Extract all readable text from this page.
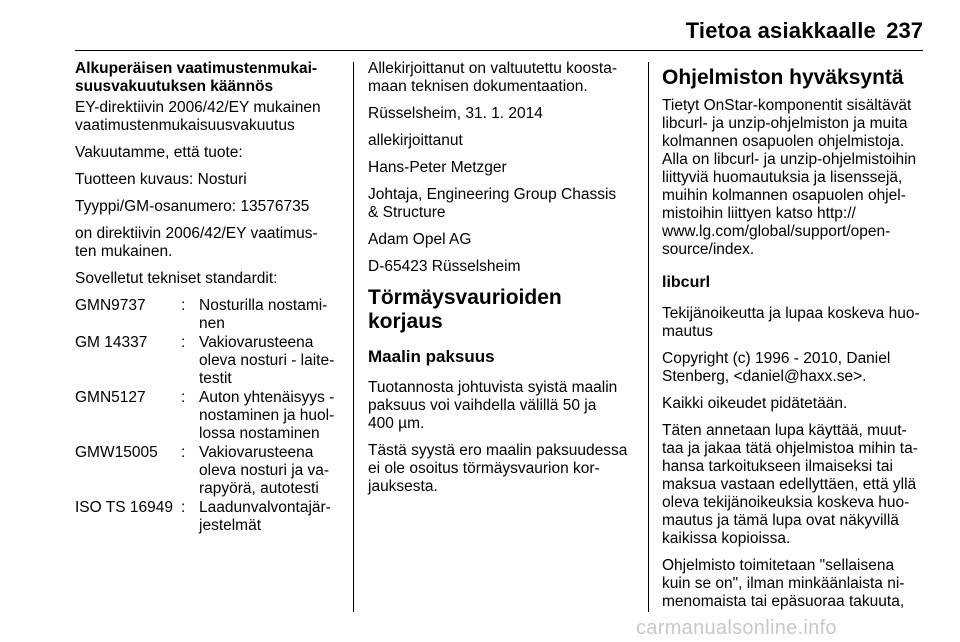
Tietoa asiakkaalle 237

Alkuperäisen vaatimustenmukai-
suusvakuutuksen käännös

EY-direktiivin 2006/42/EY mukainen vaatimustenmukaisuusvakuutus

Vakuutamme, että tuote:

Tuotteen kuvaus: Nosturi

Tyyppi/GM-osanumero: 13576735

on direktiivin 2006/42/EY vaatimus-
ten mukainen.

Sovelletut tekniset standardit:

GMN9737	: Nosturilla nostami-
nen
GM 14337	: Vakiovarusteena
oleva nosturi - laite-
testit
GMN5127	: Auton yhtenäisyys -
nostaminen ja huol-
lossa nostaminen
GMW15005	: Vakiovarusteena
oleva nosturi ja va-
rapyörä, autotesti
ISO TS 16949 : Laadunvalvontajär-
jestelmät

Allekirjoittanut on valtuutettu koosta-
maan teknisen dokumentaation.

Rüsselsheim, 31. 1. 2014

allekirjoittanut

Hans-Peter Metzger

Johtaja, Engineering Group Chassis
& Structure

Adam Opel AG

D-65423 Rüsselsheim

Törmäysvaurioiden korjaus
Maalin paksuus

Tuotannosta johtuvista syistä maalin
paksuus voi vaihdella välillä 50 ja
400 µm.

Tästä syystä ero maalin paksuudessa
ei ole osoitus törmäysvaurion kor-
jauksesta.

Ohjelmiston hyväksyntä

Tietyt OnStar-komponentit sisältävät
libcurl- ja unzip-ohjelmiston ja muita
kolmannen osapuolen ohjelmistoja.
Alla on libcurl- ja unzip-ohjelmistoihin
liittyviä huomautuksia ja lisenssejä,
muihin kolmannen osapuolen ohjel-
mistoihin liittyen katso http://
www.lg.com/global/support/open-
source/index.

libcurl

Tekijänoikeutta ja lupaa koskeva huo-
mautus

Copyright (c) 1996 - 2010, Daniel
Stenberg, <daniel@haxx.se>.

Kaikki oikeudet pidätetään.

Täten annetaan lupa käyttää, muut-
taa ja jakaa tätä ohjelmistoa mihin ta-
hansa tarkoitukseen ilmaiseksi tai
maksua vastaan edellyttäen, että yllä
oleva tekijänoikeuksia koskeva huo-
mautus ja tämä lupa ovat näkyvillä
kaikissa kopioissa.

Ohjelmisto toimitetaan "sellaisena
kuin se on", ilman minkäänlaista ni-
menomaista tai epäsuoraa takuuta,

carmanualsonline.info
